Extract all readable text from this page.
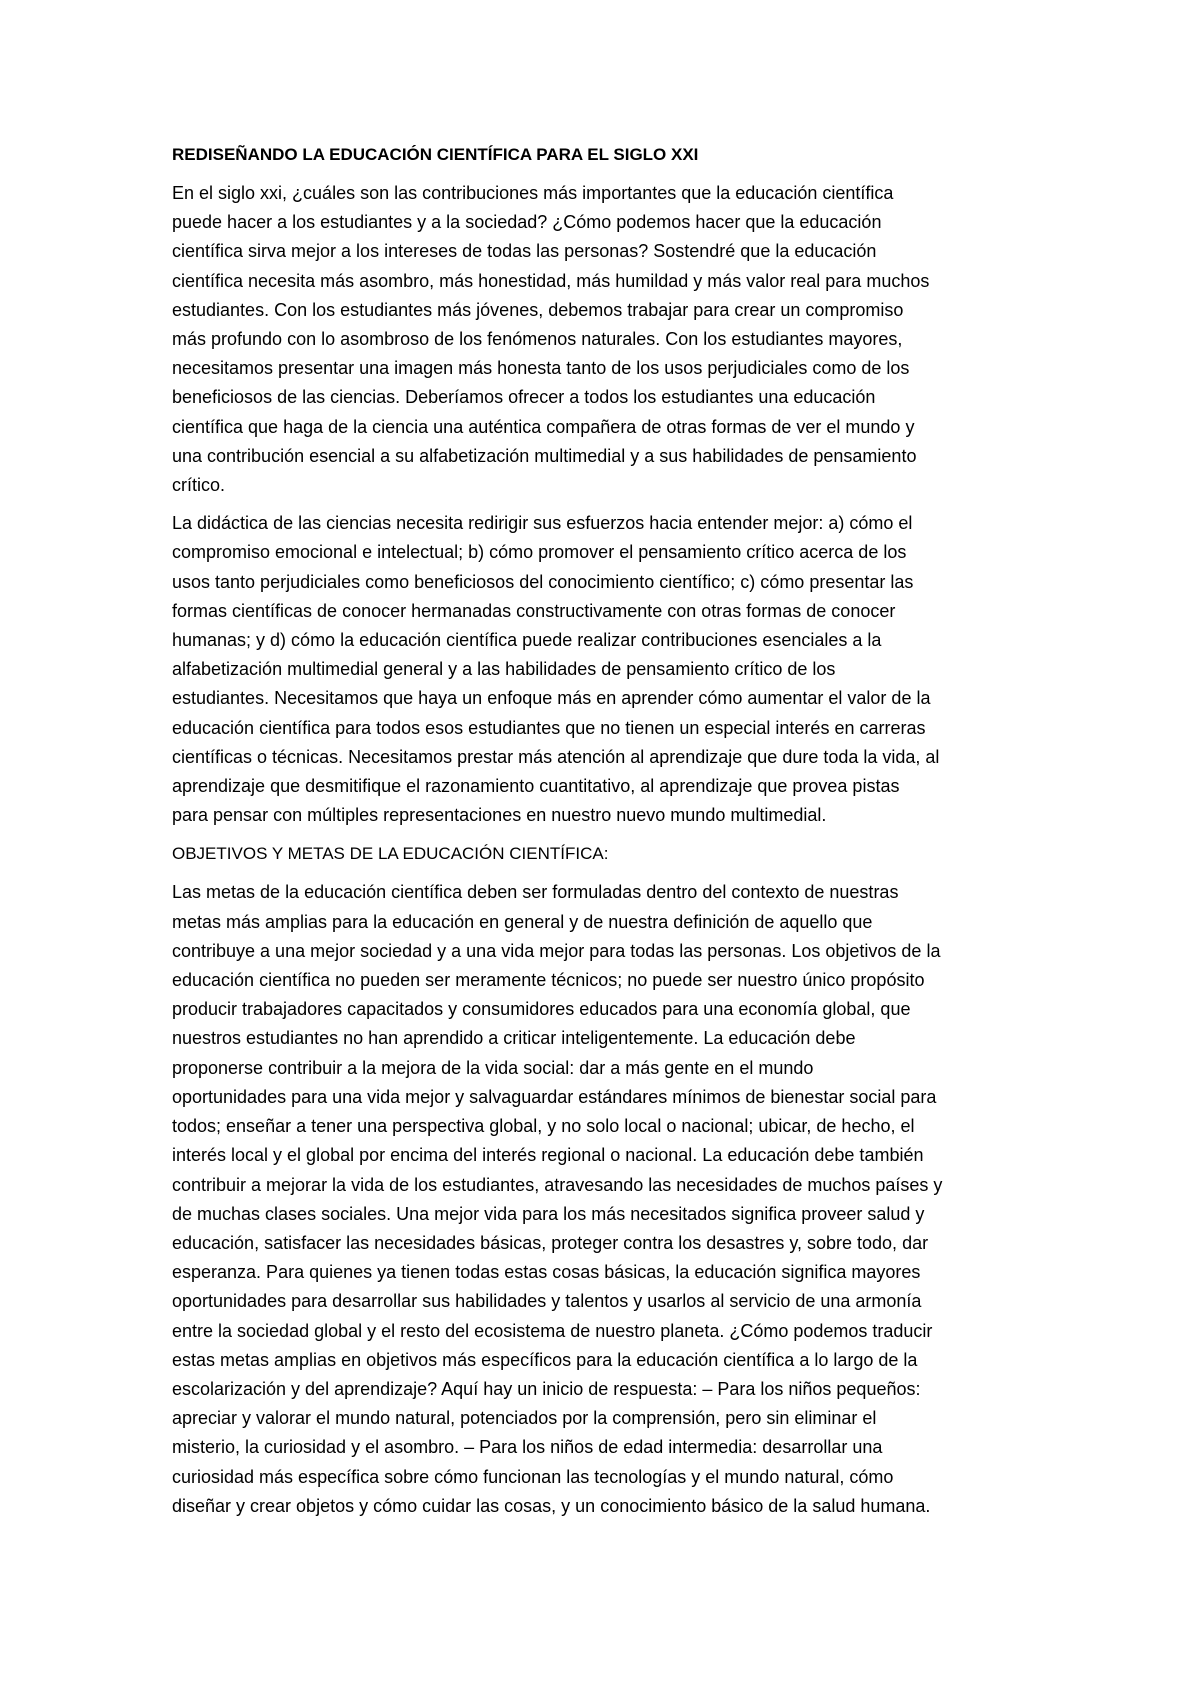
REDISEÑANDO LA EDUCACIÓN CIENTÍFICA PARA EL SIGLO XXI
En el siglo xxi, ¿cuáles son las contribuciones más importantes que la educación científica
puede hacer a los estudiantes y a la sociedad? ¿Cómo podemos hacer que la educación
científica sirva mejor a los intereses de todas las personas? Sostendré que la educación
científica necesita más asombro, más honestidad, más humildad y más valor real para muchos
estudiantes. Con los estudiantes más jóvenes, debemos trabajar para crear un compromiso
más profundo con lo asombroso de los fenómenos naturales. Con los estudiantes mayores,
necesitamos presentar una imagen más honesta tanto de los usos perjudiciales como de los
beneficiosos de las ciencias. Deberíamos ofrecer a todos los estudiantes una educación
científica que haga de la ciencia una auténtica compañera de otras formas de ver el mundo y
una contribución esencial a su alfabetización multimedial y a sus habilidades de pensamiento
crítico.
La didáctica de las ciencias necesita redirigir sus esfuerzos hacia entender mejor: a) cómo el
compromiso emocional e intelectual; b) cómo promover el pensamiento crítico acerca de los
usos tanto perjudiciales como beneficiosos del conocimiento científico; c) cómo presentar las
formas científicas de conocer hermanadas constructivamente con otras formas de conocer
humanas; y d) cómo la educación científica puede realizar contribuciones esenciales a la
alfabetización multimedial general y a las habilidades de pensamiento crítico de los
estudiantes. Necesitamos que haya un enfoque más en aprender cómo aumentar el valor de la
educación científica para todos esos estudiantes que no tienen un especial interés en carreras
científicas o técnicas. Necesitamos prestar más atención al aprendizaje que dure toda la vida, al
aprendizaje que desmitifique el razonamiento cuantitativo, al aprendizaje que provea pistas
para pensar con múltiples representaciones en nuestro nuevo mundo multimedial.
OBJETIVOS Y METAS DE LA EDUCACIÓN CIENTÍFICA:
Las metas de la educación científica deben ser formuladas dentro del contexto de nuestras
metas más amplias para la educación en general y de nuestra definición de aquello que
contribuye a una mejor sociedad y a una vida mejor para todas las personas. Los objetivos de la
educación científica no pueden ser meramente técnicos; no puede ser nuestro único propósito
producir trabajadores capacitados y consumidores educados para una economía global, que
nuestros estudiantes no han aprendido a criticar inteligentemente. La educación debe
proponerse contribuir a la mejora de la vida social: dar a más gente en el mundo
oportunidades para una vida mejor y salvaguardar estándares mínimos de bienestar social para
todos; enseñar a tener una perspectiva global, y no solo local o nacional; ubicar, de hecho, el
interés local y el global por encima del interés regional o nacional. La educación debe también
contribuir a mejorar la vida de los estudiantes, atravesando las necesidades de muchos países y
de muchas clases sociales. Una mejor vida para los más necesitados significa proveer salud y
educación, satisfacer las necesidades básicas, proteger contra los desastres y, sobre todo, dar
esperanza. Para quienes ya tienen todas estas cosas básicas, la educación significa mayores
oportunidades para desarrollar sus habilidades y talentos y usarlos al servicio de una armonía
entre la sociedad global y el resto del ecosistema de nuestro planeta. ¿Cómo podemos traducir
estas metas amplias en objetivos más específicos para la educación científica a lo largo de la
escolarización y del aprendizaje? Aquí hay un inicio de respuesta: – Para los niños pequeños:
apreciar y valorar el mundo natural, potenciados por la comprensión, pero sin eliminar el
misterio, la curiosidad y el asombro. – Para los niños de edad intermedia: desarrollar una
curiosidad más específica sobre cómo funcionan las tecnologías y el mundo natural, cómo
diseñar y crear objetos y cómo cuidar las cosas, y un conocimiento básico de la salud humana.
